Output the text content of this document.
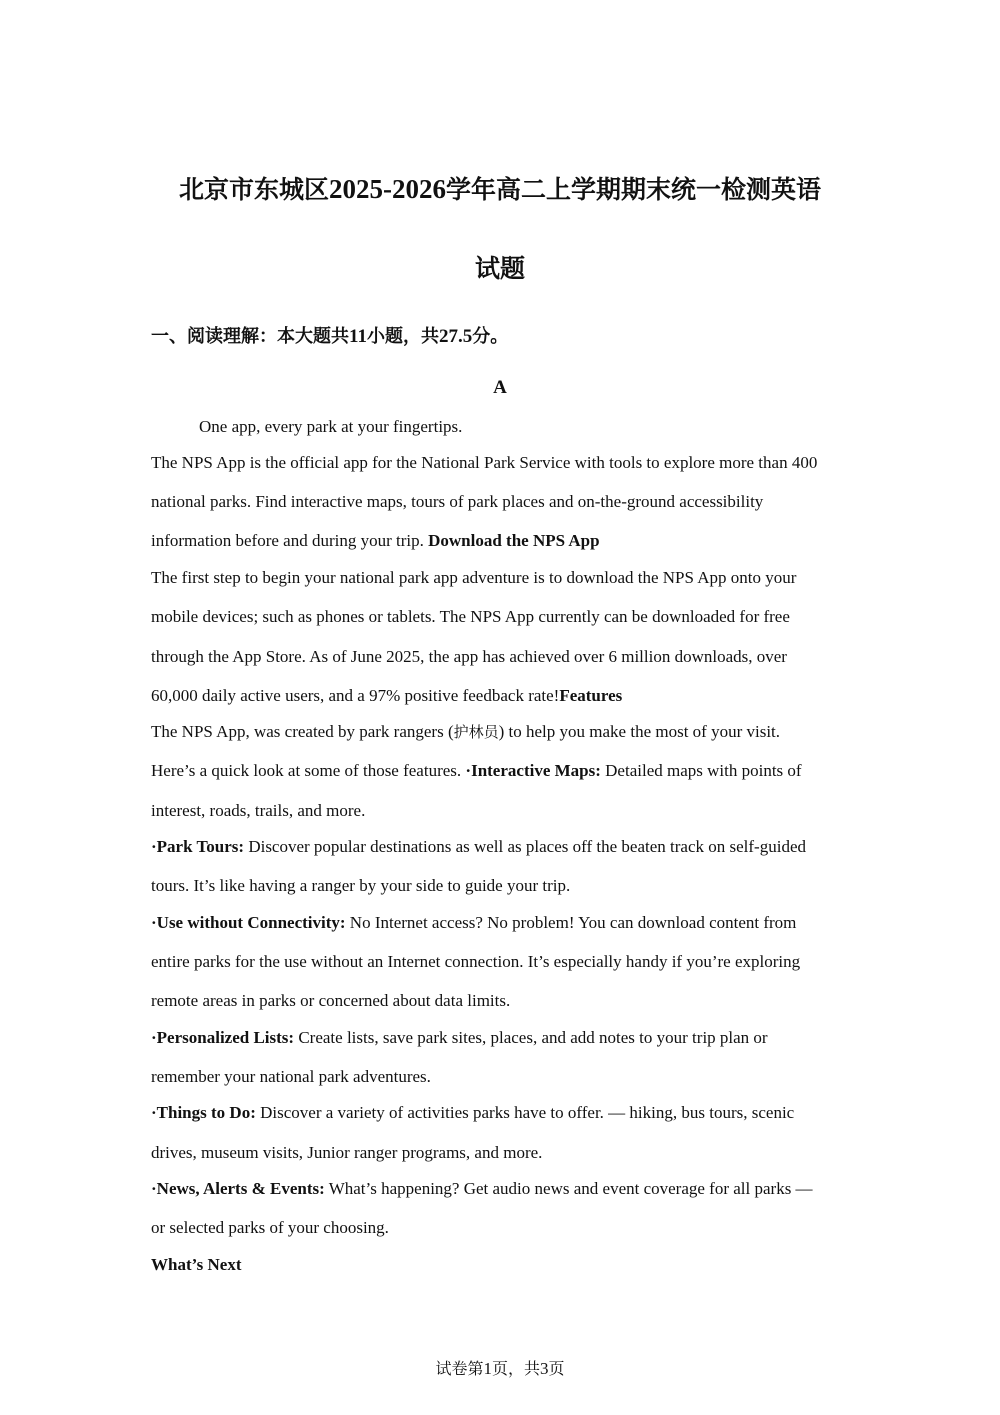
北京市东城区2025-2026学年高二上学期期末统一检测英语
试题
一、阅读理解：本大题共11小题，共27.5分。
A
One app, every park at your fingertips.
The NPS App is the official app for the National Park Service with tools to explore more than 400
national parks. Find interactive maps, tours of park places and on-the-ground accessibility
information before and during your trip. Download the NPS App
The first step to begin your national park app adventure is to download the NPS App onto your
mobile devices; such as phones or tablets. The NPS App currently can be downloaded for free
through the App Store. As of June 2025, the app has achieved over 6 million downloads, over
60,000 daily active users, and a 97% positive feedback rate!Features
The NPS App, was created by park rangers (护林员) to help you make the most of your visit.
Here’s a quick look at some of those features. ·Interactive Maps: Detailed maps with points of
interest, roads, trails, and more.
·Park Tours: Discover popular destinations as well as places off the beaten track on self-guided
tours. It’s like having a ranger by your side to guide your trip.
·Use without Connectivity: No Internet access? No problem! You can download content from
entire parks for the use without an Internet connection. It’s especially handy if you’re exploring
remote areas in parks or concerned about data limits.
·Personalized Lists: Create lists, save park sites, places, and add notes to your trip plan or
remember your national park adventures.
·Things to Do: Discover a variety of activities parks have to offer. — hiking, bus tours, scenic
drives, museum visits, Junior ranger programs, and more.
·News, Alerts & Events: What’s happening? Get audio news and event coverage for all parks —
or selected parks of your choosing.
What’s Next
试卷第1页，共3页
